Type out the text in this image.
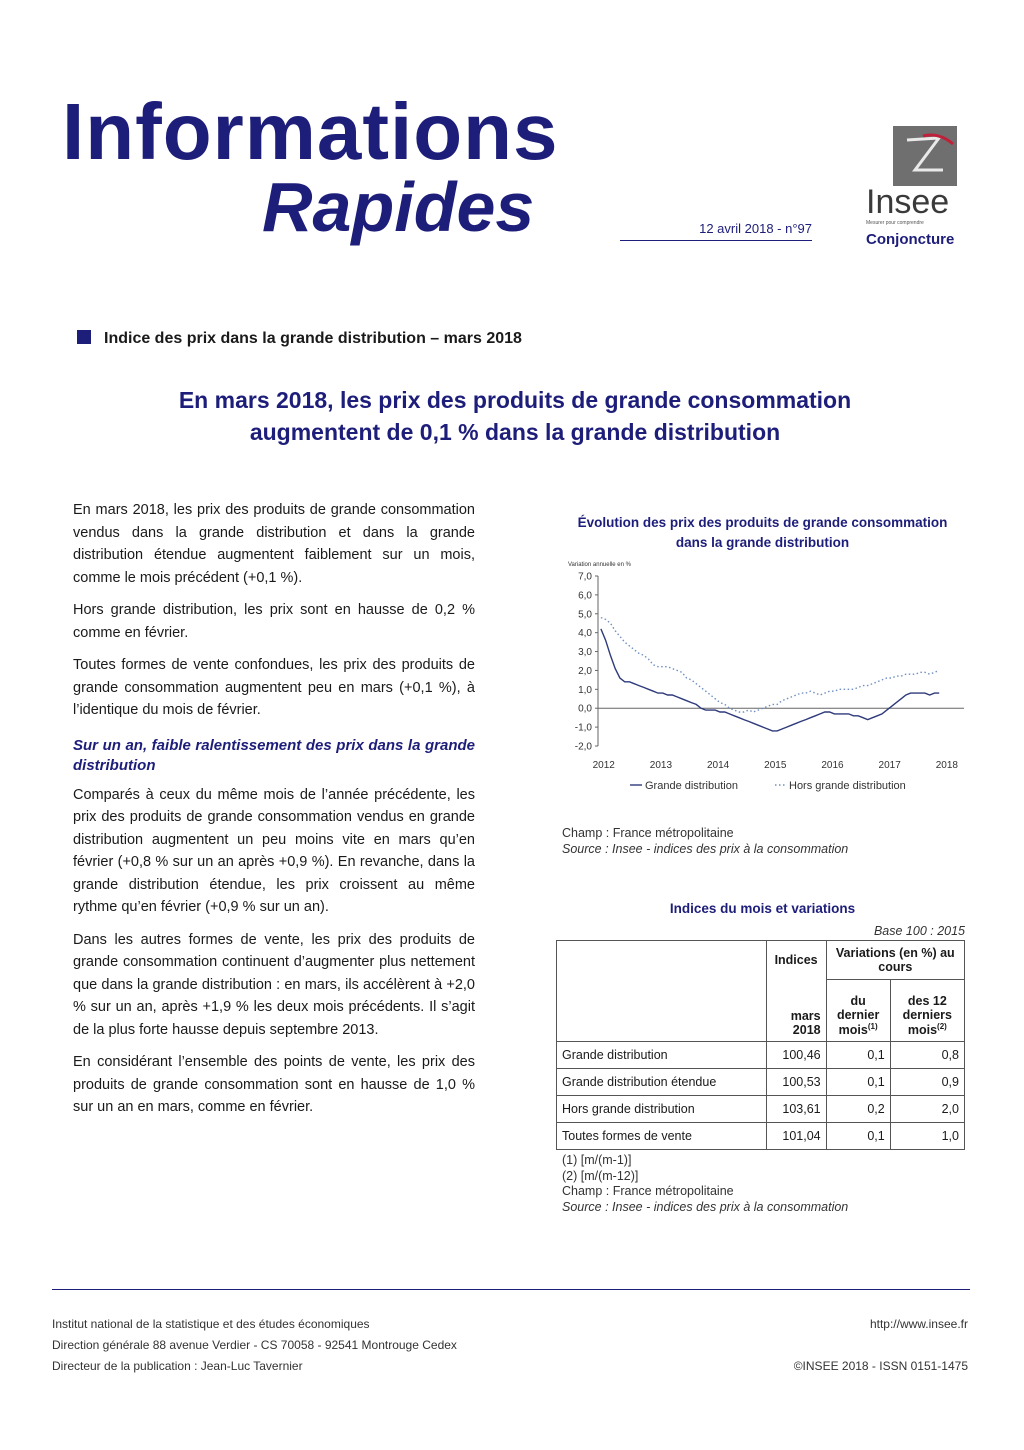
Informations
Rapides	12 avril 2018 - n°97
Insee
Mesurer pour comprendre
Conjoncture
Indice des prix dans la grande distribution – mars 2018
En mars 2018, les prix des produits de grande consommation
augmentent de 0,1 % dans la grande distribution

En mars 2018, les prix des produits de grande consommation vendus dans la grande distribution et dans la grande distribution étendue augmentent faiblement sur un mois, comme le mois précédent (+0,1 %).

Hors grande distribution, les prix sont en hausse de 0,2 % comme en février.

Toutes formes de vente confondues, les prix des produits de grande consommation augmentent peu en mars (+0,1 %), à l’identique du mois de février.

Sur un an, faible ralentissement des prix dans la grande distribution

Comparés à ceux du même mois de l’année précédente, les prix des produits de grande consommation vendus en grande distribution augmentent un peu moins vite en mars qu’en février (+0,8 % sur un an après +0,9 %). En revanche, dans la grande distribution étendue, les prix croissent au même rythme qu’en février (+0,9 % sur un an).

Dans les autres formes de vente, les prix des produits de grande consommation continuent d’augmenter plus nettement que dans la grande distribution : en mars, ils accélèrent à +2,0 % sur un an, après +1,9 % les deux mois précédents. Il s’agit de la plus forte hausse depuis septembre 2013.

En considérant l’ensemble des points de vente, les prix des produits de grande consommation sont en hausse de 1,0 % sur un an en mars, comme en février.

Évolution des prix des produits de grande consommation dans la grande distribution
Variation annuelle en %
7,0
6,0
5,0
4,0
3,0
2,0
1,0
0,0
-1,0
-2,0
2012	2013	2014	2015	2016	2017	2018
Grande distribution	Hors grande distribution
Champ : France métropolitaine
Source : Insee - indices des prix à la consommation
Indices du mois et variations
Base 100 : 2015
	Indices	Variations (en %) au cours	
	mars 2018	du dernier mois$^{(1)}$	des 12 derniers mois$^{(2)}$
Grande distribution	100,46	0,1	0,8
Grande distribution étendue	100,53	0,1	0,9
Hors grande distribution	103,61	0,2	2,0
Toutes formes de vente	101,04	0,1	1,0
(1) [m/(m-1)]
(2) [m/(m-12)]
Champ : France métropolitaine
Source : Insee - indices des prix à la consommation
Institut national de la statistique et des études économiques
Direction générale 88 avenue Verdier - CS 70058 - 92541 Montrouge Cedex
Directeur de la publication : Jean-Luc Tavernier
http://www.insee.fr
©INSEE 2018 - ISSN 0151-1475
